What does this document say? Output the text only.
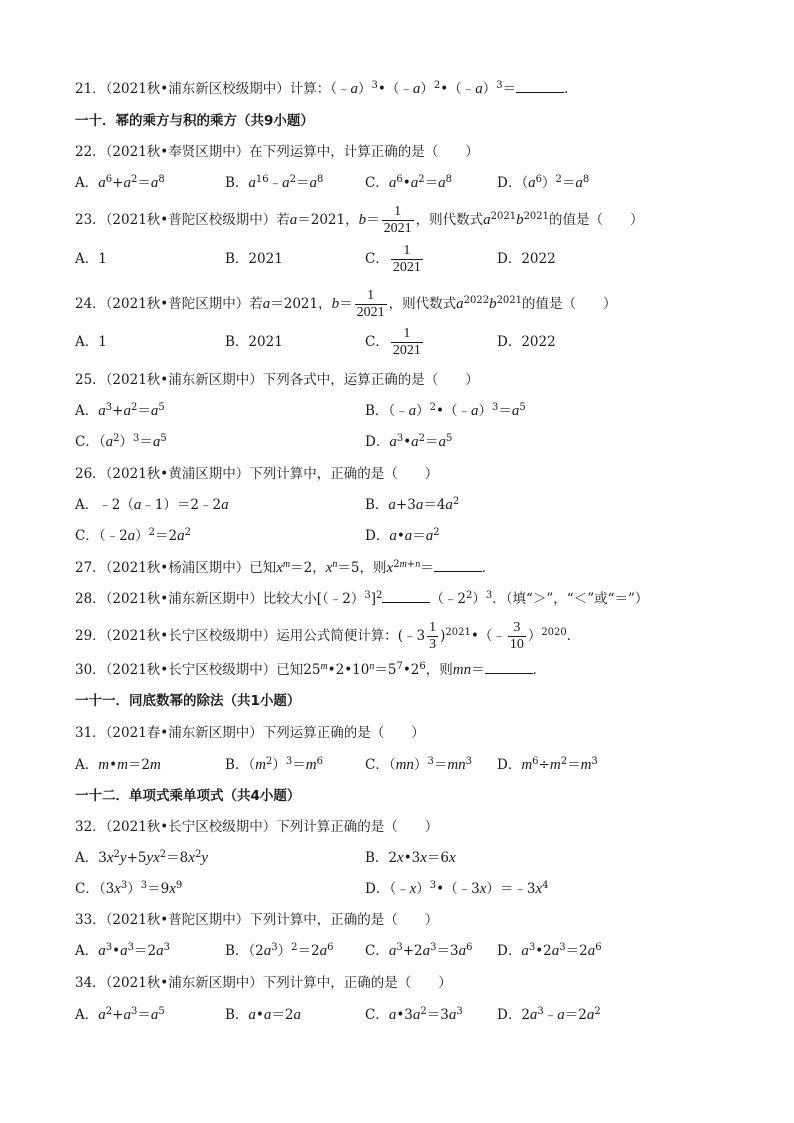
21．（2021秋•浦东新区校级期中）计算：（﹣a）$^3$•（﹣a）$^2$•（﹣a）$^3$＝	．
一十．幂的乘方与积的乘方（共9小题）
22．（2021秋•奉贤区期中）在下列运算中，计算正确的是（　　）
A．$a^6+a^2=a^8$	B．$a^{16}﹣a^2=a^8$	C．$a^6•a^2=a^8$	D．$(a^6)^2=a^8$
23．（2021秋•普陀区校级期中）若a＝2021，$b= \frac{1}{2021}$ ，则代数式$a^{2021}b^{2021}$的值是（　　）
A．1	B．2021	C． $\frac{1}{2021}$	D．2022
24．（2021秋•普陀区期中）若a＝2021，$b= \frac{1}{2021}$ ，则代数式$a^{2022}b^{2021}$的值是（　　）
A．1	B．2021	C． $\frac{1}{2021}$	D．2022
25．（2021秋•浦东新区期中）下列各式中，运算正确的是（　　）
A．$a^3+a^2=a^5$	B．$(﹣a)^2•(﹣a)^3=a^5$
C．$(a^2)^3=a^5$	D．$a^3•a^2=a^5$
26．（2021秋•黄浦区期中）下列计算中，正确的是（　　）
A．﹣2（a﹣1）＝2﹣2a	B．$a+3a=4a^2$
C．$(﹣2a)^2=2a^2$	D．$a•a=a^2$
27．（2021秋•杨浦区期中）已知$x^m=2$，$x^n=5$，则$x^{2m+n}=$	．
28．（2021秋•浦东新区期中）比较大小[（﹣2）$^3$]$^2$	$(﹣2^2)^3$．（填“＞”，“＜”或“＝”）
29．（2021秋•长宁区校级期中）运用公式简便计算：(﹣3 $\frac{1}{3}$ )$^{2021}$•（﹣ $\frac{3}{10} )^{2020}$．
30．（2021秋•长宁区校级期中）已知$25^m•2•10^n=5^7•2^6$，则mn＝	．
一十一．同底数幂的除法（共1小题）
31．（2021春•浦东新区期中）下列运算正确的是（　　）
A．m•m＝2m	B．$(m^2)^3=m^6$	C．$(mn)^3=mn^3$ D．$m^6\div m^2=m^3$
一十二．单项式乘单项式（共4小题）
32．（2021秋•长宁区校级期中）下列计算正确的是（　　）
A．$3x^2y+5yx^2=8x^2y$	B．2x•3x＝6x
C．$(3x^3)^3=9x^9$	D．$(﹣x)^3•(﹣3x)=﹣3x^4$
33．（2021秋•普陀区期中）下列计算中，正确的是（　　）
A．$a^3•a^3=2a^3$	B．$(2a^3)^2=2a^6$ C．$a^3+2a^3=3a^6$ D．$a^3•2a^3=2a^6$
34．（2021秋•浦东新区期中）下列计算中，正确的是（　　）
A．$a^2+a^3=a^5$	B．a•a＝2a	C．$a•3a^2=3a^3$	D．$2a^3﹣a=2a^2$
